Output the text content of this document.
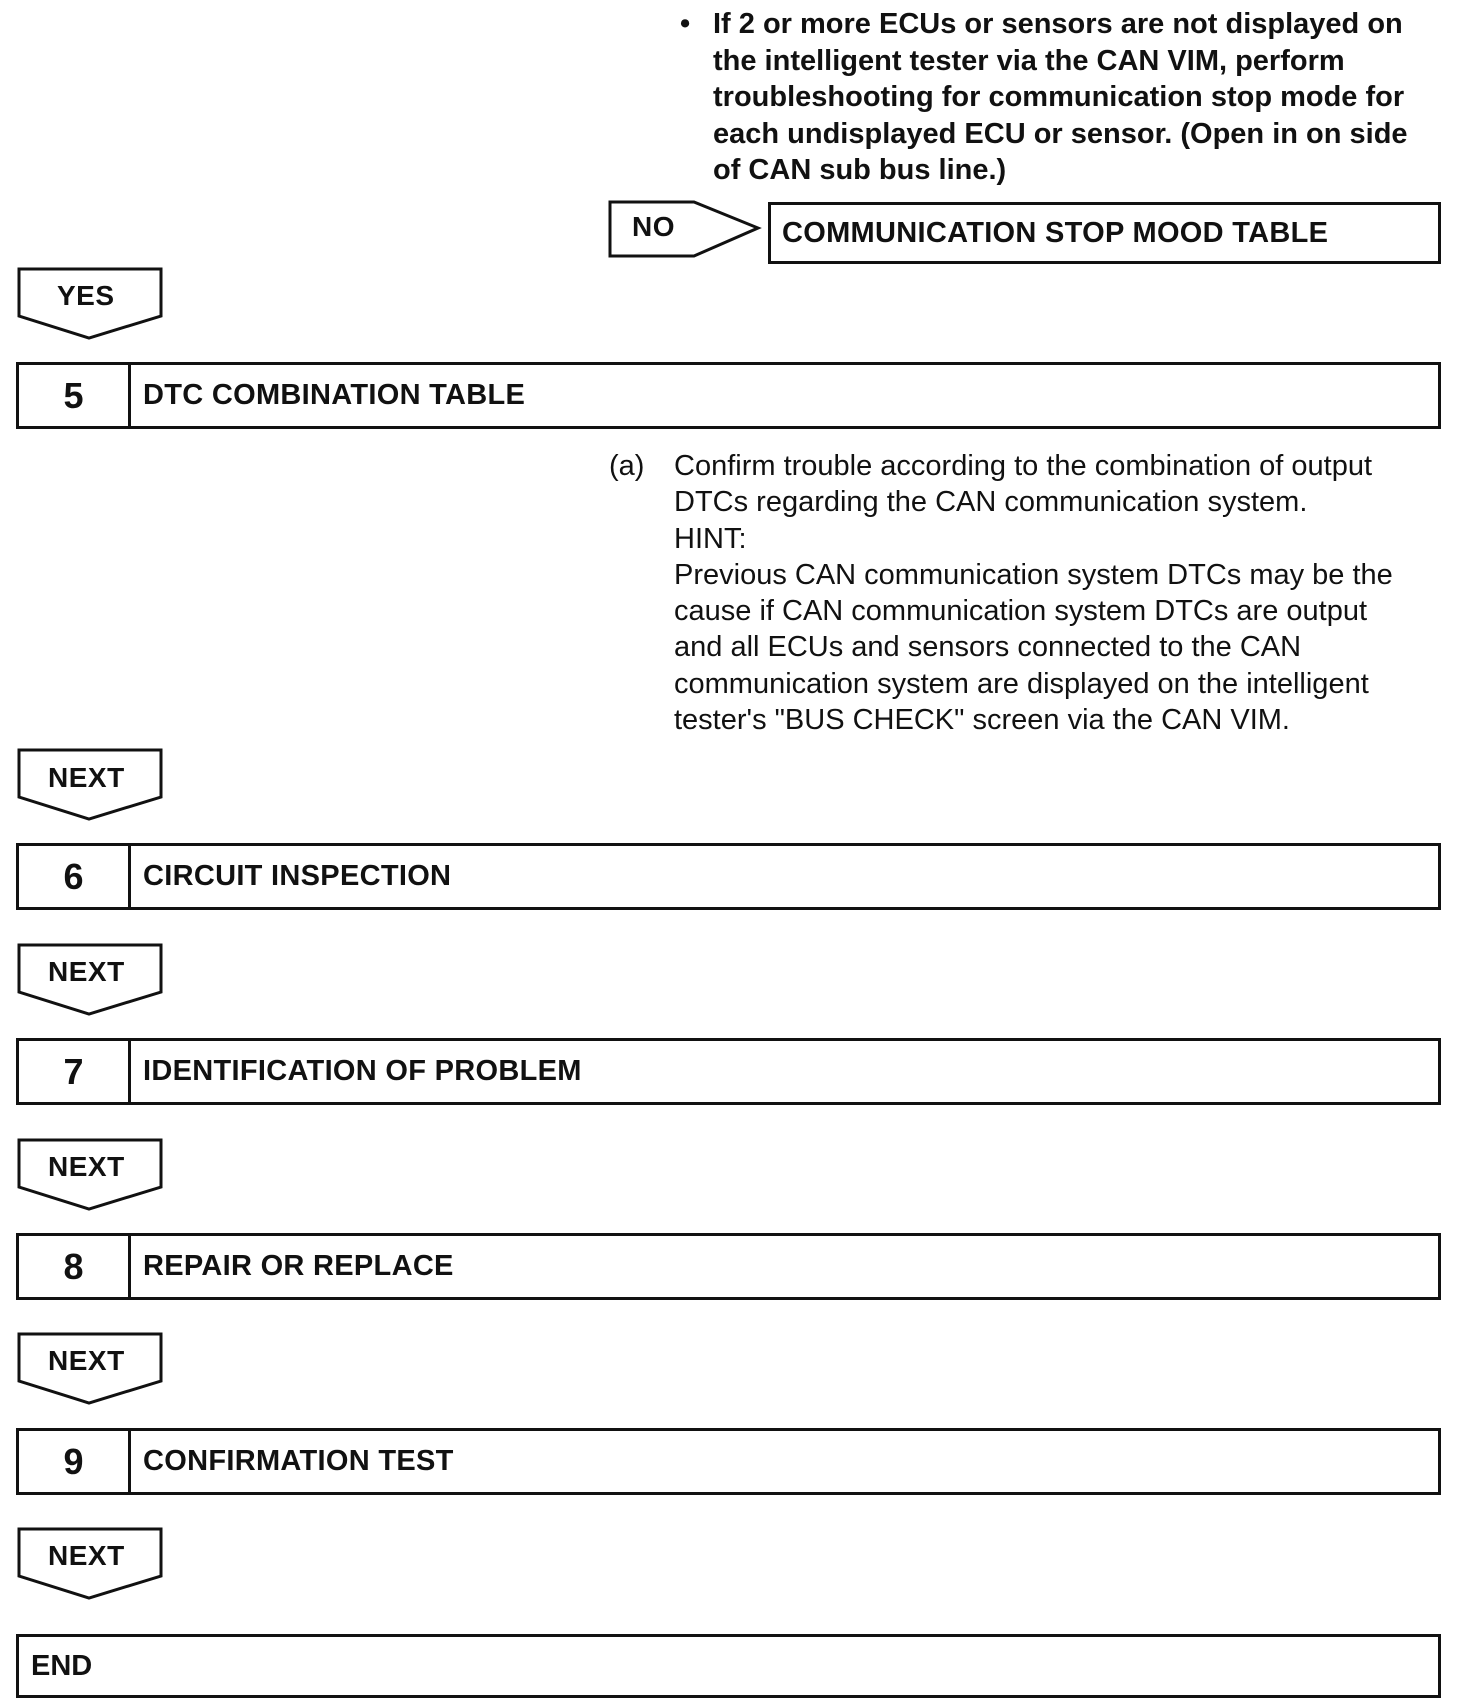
• If 2 or more ECUs or sensors are not displayed on
the intelligent tester via the CAN VIM, perform
troubleshooting for communication stop mode for
each undisplayed ECU or sensor. (Open in on side
of CAN sub bus line.)
NO	COMMUNICATION STOP MOOD TABLE
YES
5	DTC COMBINATION TABLE
(a) Confirm trouble according to the combination of output
DTCs regarding the CAN communication system.
HINT:
Previous CAN communication system DTCs may be the
cause if CAN communication system DTCs are output
and all ECUs and sensors connected to the CAN
communication system are displayed on the intelligent
tester's "BUS CHECK" screen via the CAN VIM.
NEXT
6	CIRCUIT INSPECTION
NEXT
7	IDENTIFICATION OF PROBLEM
NEXT
8	REPAIR OR REPLACE
NEXT
9	CONFIRMATION TEST
NEXT
END
